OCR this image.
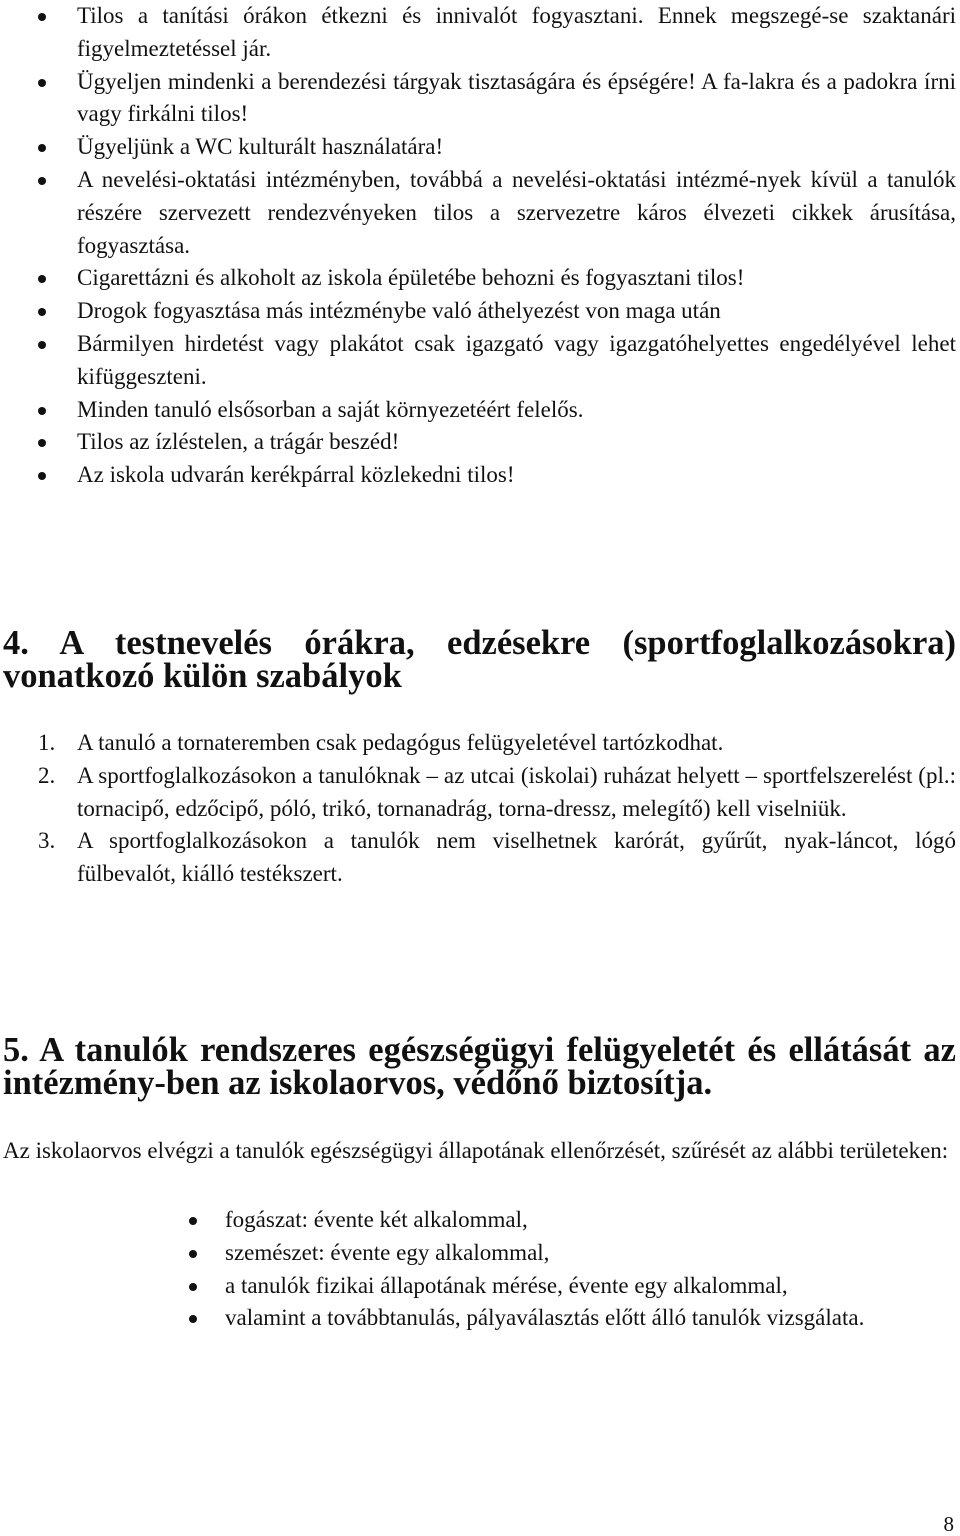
Tilos a tanítási órákon étkezni és innivalót fogyasztani. Ennek megszegé-se szaktanári figyelmeztetéssel jár.
Ügyeljen mindenki a berendezési tárgyak tisztaságára és épségére! A fa-lakra és a padokra írni vagy firkálni tilos!
Ügyeljünk a WC kulturált használatára!
A nevelési-oktatási intézményben, továbbá a nevelési-oktatási intézmé-nyek kívül a tanulók részére szervezett rendezvényeken tilos a szervezetre káros élvezeti cikkek árusítása, fogyasztása.
Cigarettázni és alkoholt az iskola épületébe behozni és fogyasztani tilos!
Drogok fogyasztása más intézménybe való áthelyezést von maga után
Bármilyen hirdetést vagy plakátot csak igazgató vagy igazgatóhelyettes engedélyével lehet kifüggeszteni.
Minden tanuló elsősorban a saját környezetéért felelős.
Tilos az ízléstelen, a trágár beszéd!
Az iskola udvarán kerékpárral közlekedni tilos!
4. A testnevelés órákra, edzésekre (sportfoglalkozásokra) vonatkozó külön szabályok
1. A tanuló a tornateremben csak pedagógus felügyeletével tartózkodhat.
2. A sportfoglalkozásokon a tanulóknak – az utcai (iskolai) ruházat helyett – sportfelszerelést (pl.: tornacipő, edzőcipő, póló, trikó, tornanadrág, torna-dressz, melegítő) kell viselniük.
3. A sportfoglalkozásokon a tanulók nem viselhetnek karórát, gyűrűt, nyak-láncot, lógó fülbevalót, kiálló testékszert.
5. A tanulók rendszeres egészségügyi felügyeletét és ellátását az intézmény-ben az iskolaorvos, védőnő biztosítja.

Az iskolaorvos elvégzi a tanulók egészségügyi állapotának ellenőrzését, szűrését az alábbi területeken:

fogászat: évente két alkalommal,
szemészet: évente egy alkalommal,
a tanulók fizikai állapotának mérése, évente egy alkalommal,
valamint a továbbtanulás, pályaválasztás előtt álló tanulók vizsgálata.
8
